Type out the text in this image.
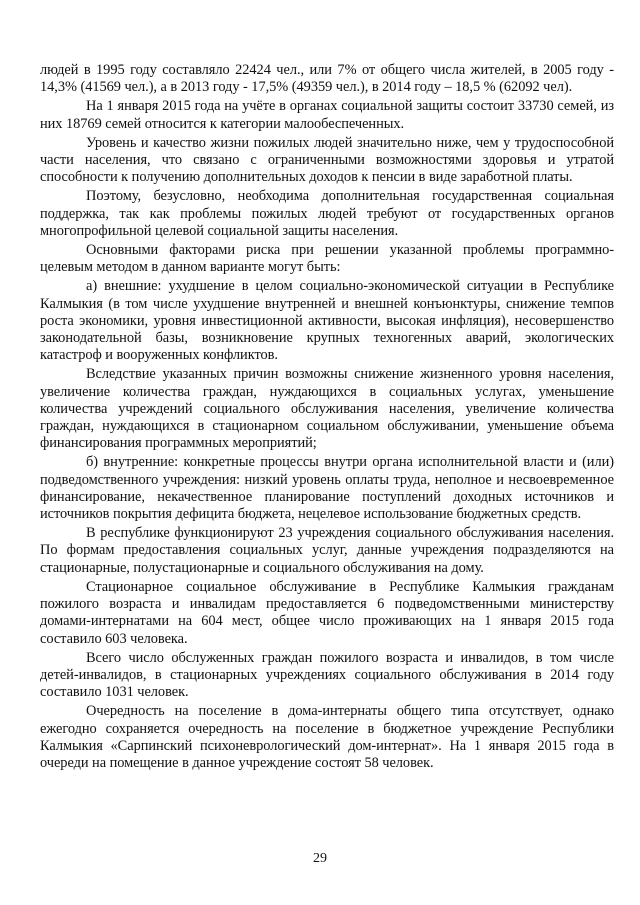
людей в 1995 году составляло 22424 чел., или 7% от общего числа жителей, в 2005 году - 14,3% (41569 чел.), а в 2013 году - 17,5% (49359 чел.), в 2014 году – 18,5 % (62092 чел).

На 1 января 2015 года на учёте в органах социальной защиты состоит 33730 семей, из них 18769 семей относится к категории малообеспеченных.

Уровень и качество жизни пожилых людей значительно ниже, чем у трудоспособной части населения, что связано с ограниченными возможностями здоровья и утратой способности к получению дополнительных доходов к пенсии в виде заработной платы.

Поэтому, безусловно, необходима дополнительная государственная социальная поддержка, так как проблемы пожилых людей требуют от государственных органов многопрофильной целевой социальной защиты населения.

Основными факторами риска при решении указанной проблемы программно-целевым методом в данном варианте могут быть:

а) внешние: ухудшение в целом социально-экономической ситуации в Республике Калмыкия (в том числе ухудшение внутренней и внешней конъюнктуры, снижение темпов роста экономики, уровня инвестиционной активности, высокая инфляция), несовершенство законодательной базы, возникновение крупных техногенных аварий, экологических катастроф и вооруженных конфликтов.

Вследствие указанных причин возможны снижение жизненного уровня населения, увеличение количества граждан, нуждающихся в социальных услугах, уменьшение количества учреждений социального обслуживания населения, увеличение количества граждан, нуждающихся в стационарном социальном обслуживании, уменьшение объема финансирования программных мероприятий;

б) внутренние: конкретные процессы внутри органа исполнительной власти и (или) подведомственного учреждения: низкий уровень оплаты труда, неполное и несвоевременное финансирование, некачественное планирование поступлений доходных источников и источников покрытия дефицита бюджета, нецелевое использование бюджетных средств.

В республике функционируют 23 учреждения социального обслуживания населения. По формам предоставления социальных услуг, данные учреждения подразделяются на стационарные, полустационарные и социального обслуживания на дому.

Стационарное социальное обслуживание в Республике Калмыкия гражданам пожилого возраста и инвалидам предоставляется 6 подведомственными министерству домами-интернатами на 604 мест, общее число проживающих на 1 января 2015 года составило 603 человека.

Всего число обслуженных граждан пожилого возраста и инвалидов, в том числе детей-инвалидов, в стационарных учреждениях социального обслуживания в 2014 году составило 1031 человек.

Очередность на поселение в дома-интернаты общего типа отсутствует, однако ежегодно сохраняется очередность на поселение в бюджетное учреждение Республики Калмыкия «Сарпинский психоневрологический дом-интернат». На 1 января 2015 года в очереди на помещение в данное учреждение состоят 58 человек.

29
